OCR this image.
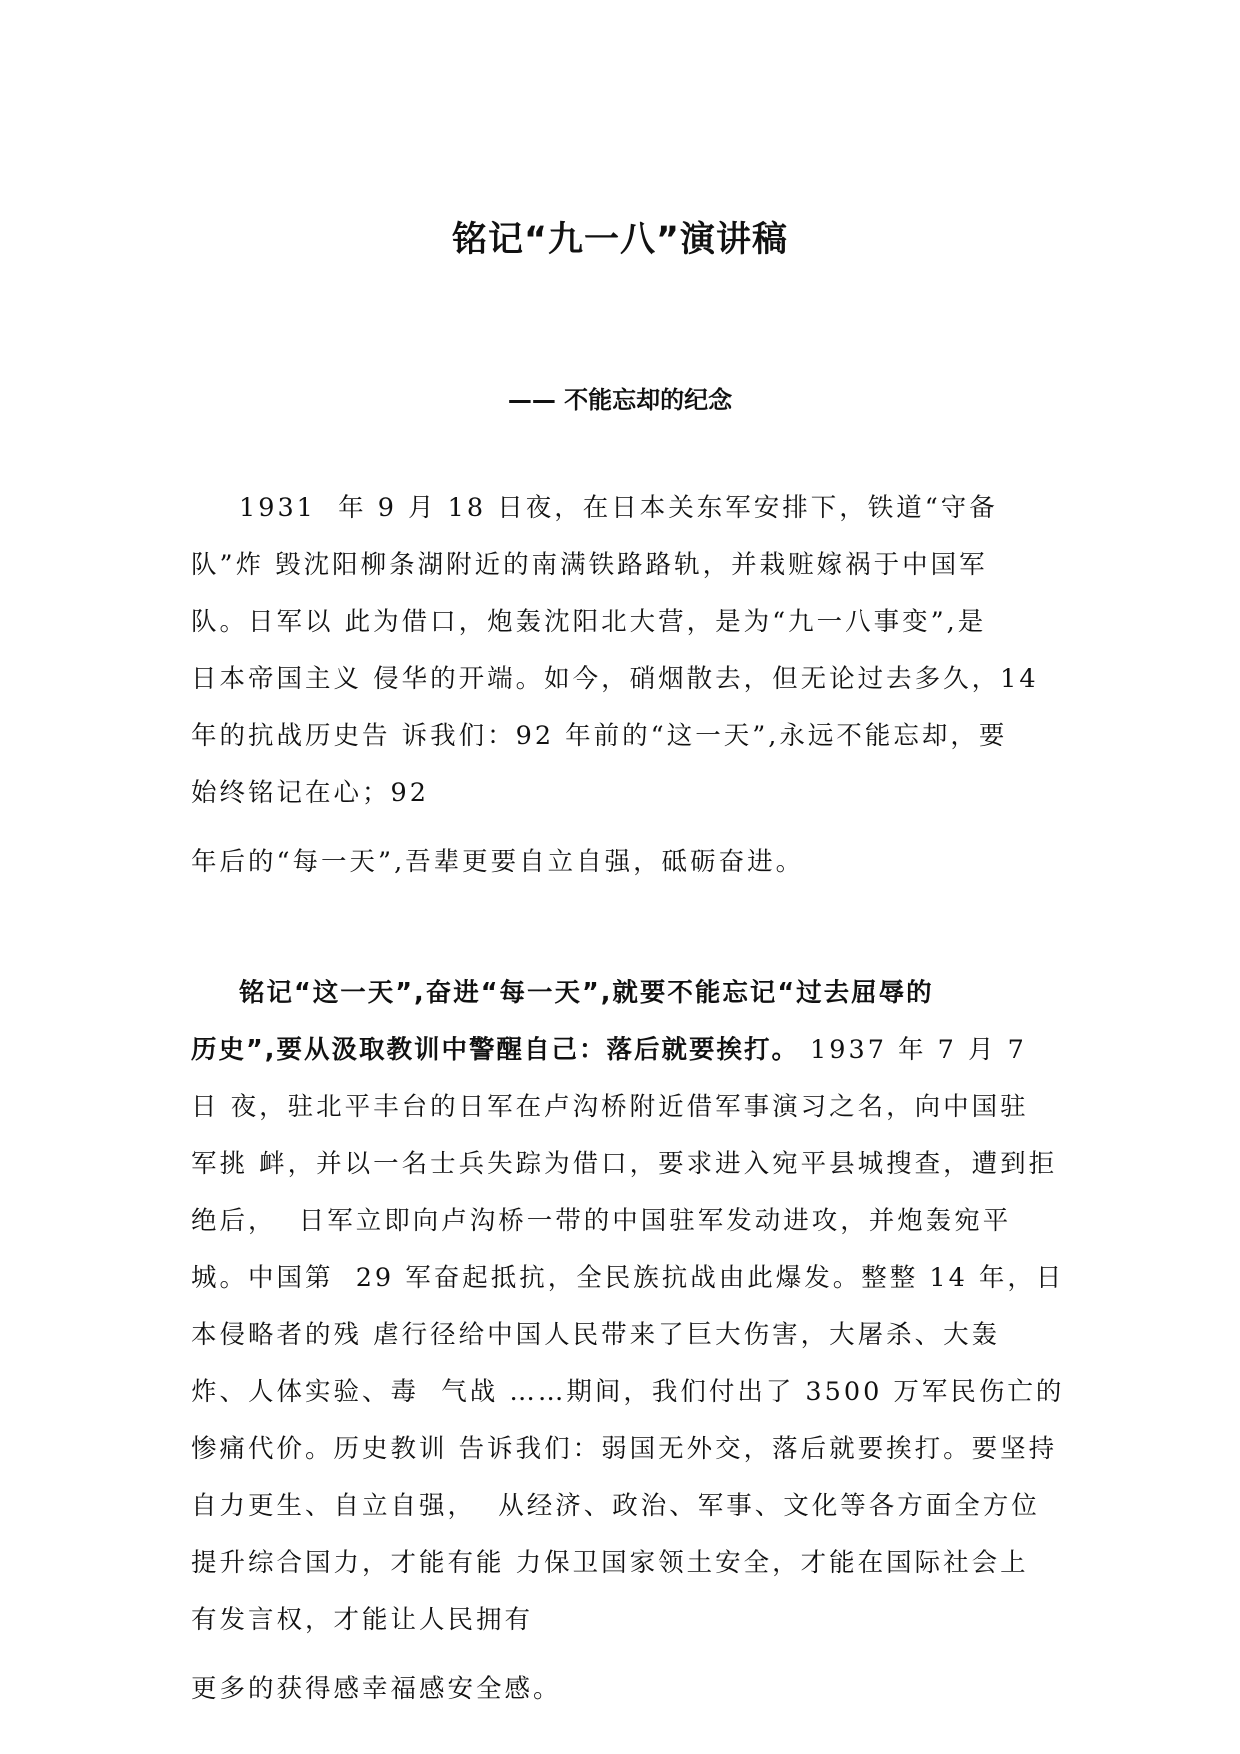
铭记“九一八”演讲稿
—— 不能忘却的纪念
1931  年 9 月 18 日夜，在日本关东军安排下，铁道“守备
队”炸 毁沈阳柳条湖附近的南满铁路路轨，并栽赃嫁祸于中国军
队。日军以 此为借口，炮轰沈阳北大营，是为“九一八事变”,是
日本帝国主义 侵华的开端。如今，硝烟散去，但无论过去多久，14
年的抗战历史告 诉我们：92 年前的“这一天”,永远不能忘却，要
始终铭记在心；92
年后的“每一天”,吾辈更要自立自强，砥砺奋进。
铭记“这一天”,奋进“每一天”,就要不能忘记“过去屈辱的
历史”,要从汲取教训中警醒自己：落后就要挨打。 1937 年 7 月 7
日 夜，驻北平丰台的日军在卢沟桥附近借军事演习之名，向中国驻
军挑 衅，并以一名士兵失踪为借口，要求进入宛平县城搜查，遭到拒
绝后，  日军立即向卢沟桥一带的中国驻军发动进攻，并炮轰宛平
城。中国第  29 军奋起抵抗，全民族抗战由此爆发。整整 14 年，日
本侵略者的残 虐行径给中国人民带来了巨大伤害，大屠杀、大轰
炸、人体实验、毒  气战 ……期间，我们付出了 3500 万军民伤亡的
惨痛代价。历史教训 告诉我们：弱国无外交，落后就要挨打。要坚持
自力更生、自立自强，  从经济、政治、军事、文化等各方面全方位
提升综合国力，才能有能 力保卫国家领土安全，才能在国际社会上
有发言权，才能让人民拥有
更多的获得感幸福感安全感。
